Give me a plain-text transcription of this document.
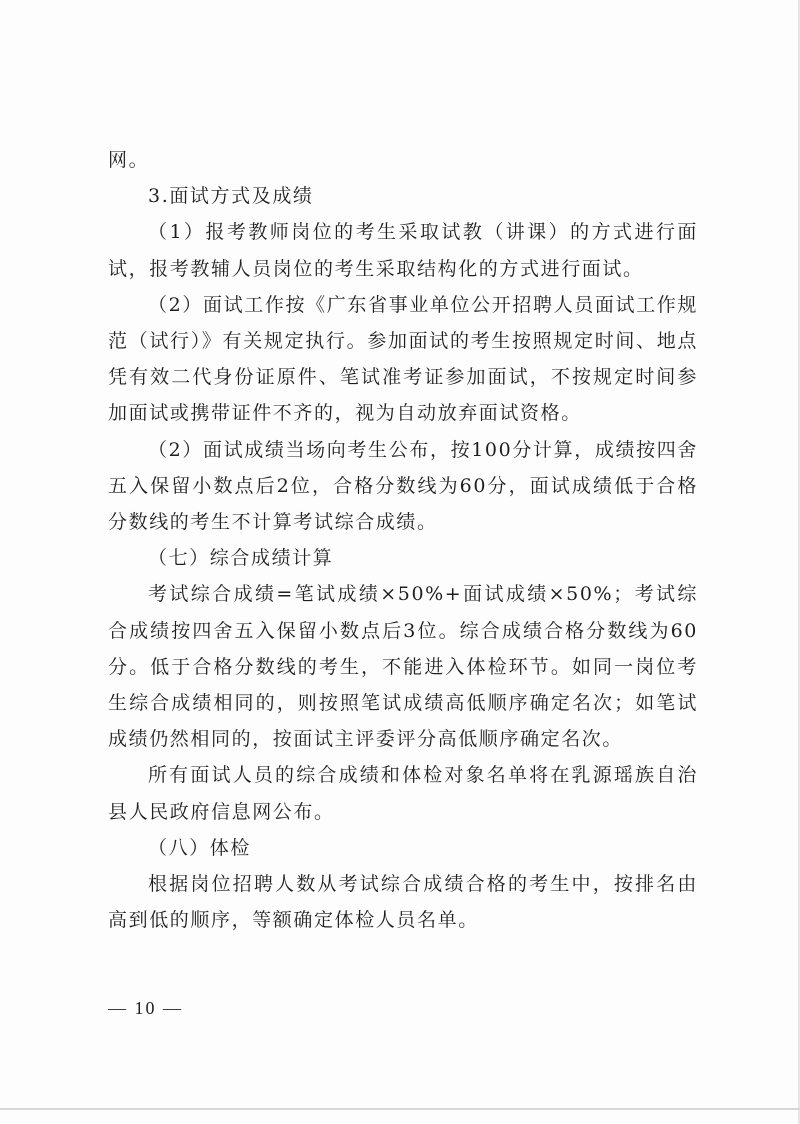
网。

3.面试方式及成绩

（1）报考教师岗位的考生采取试教（讲课）的方式进行面试，报考教辅人员岗位的考生采取结构化的方式进行面试。

（2）面试工作按《广东省事业单位公开招聘人员面试工作规范（试行）》有关规定执行。参加面试的考生按照规定时间、地点凭有效二代身份证原件、笔试准考证参加面试，不按规定时间参加面试或携带证件不齐的，视为自动放弃面试资格。

（2）面试成绩当场向考生公布，按100分计算，成绩按四舍五入保留小数点后2位，合格分数线为60分，面试成绩低于合格分数线的考生不计算考试综合成绩。

（七）综合成绩计算

考试综合成绩=笔试成绩×50%+面试成绩×50%；考试综合成绩按四舍五入保留小数点后3位。综合成绩合格分数线为60分。低于合格分数线的考生，不能进入体检环节。如同一岗位考生综合成绩相同的，则按照笔试成绩高低顺序确定名次；如笔试成绩仍然相同的，按面试主评委评分高低顺序确定名次。

所有面试人员的综合成绩和体检对象名单将在乳源瑶族自治县人民政府信息网公布。

（八）体检

根据岗位招聘人数从考试综合成绩合格的考生中，按排名由高到低的顺序，等额确定体检人员名单。

— 10 —
